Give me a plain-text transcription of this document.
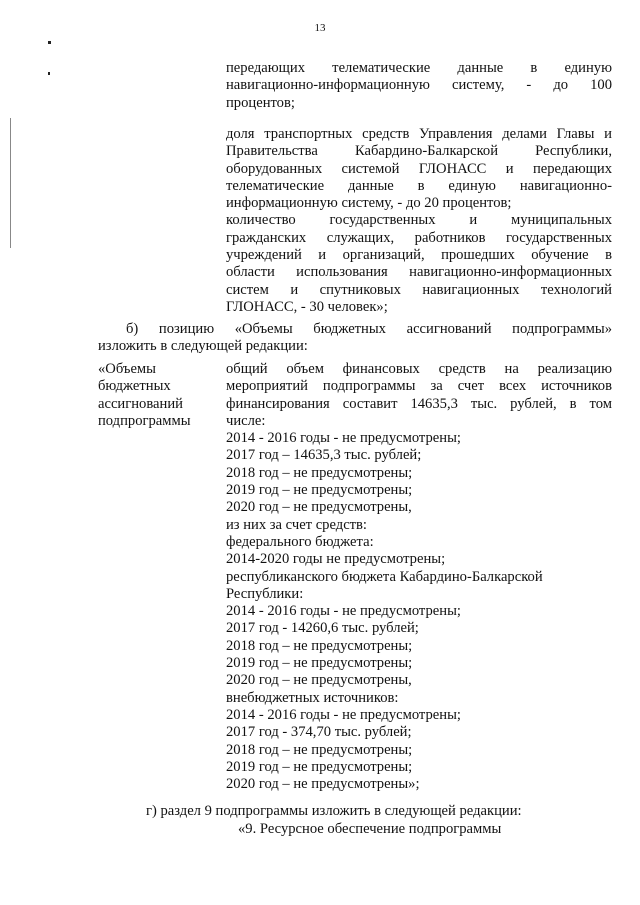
13
передающих телематические данные в единую
навигационно-информационную систему, - до 100
процентов;
доля транспортных средств Управления делами Главы и
Правительства Кабардино-Балкарской Республики,
оборудованных системой ГЛОНАСС и передающих
телематические данные в единую навигационно-
информационную систему, - до 20 процентов;
количество государственных и муниципальных
гражданских служащих, работников государственных
учреждений и организаций, прошедших обучение в
области использования навигационно-информационных
систем и спутниковых навигационных технологий
ГЛОНАСС, - 30 человек»;
б) позицию «Объемы бюджетных ассигнований подпрограммы»
изложить в следующей редакции:
«Объемы
бюджетных
ассигнований
подпрограммы
общий объем финансовых средств на реализацию
мероприятий подпрограммы за счет всех источников
финансирования составит 14635,3 тыс. рублей, в том
числе:
2014 - 2016 годы - не предусмотрены;
2017 год – 14635,3 тыс. рублей;
2018 год – не предусмотрены;
2019 год – не предусмотрены;
2020 год – не предусмотрены,
из них за счет средств:
федерального бюджета:
2014-2020 годы не предусмотрены;
республиканского бюджета Кабардино-Балкарской
Республики:
2014 - 2016 годы - не предусмотрены;
2017 год - 14260,6 тыс. рублей;
2018 год – не предусмотрены;
2019 год – не предусмотрены;
2020 год – не предусмотрены,
внебюджетных источников:
2014 - 2016 годы - не предусмотрены;
2017 год - 374,70 тыс. рублей;
2018 год – не предусмотрены;
2019 год – не предусмотрены;
2020 год – не предусмотрены»;
г) раздел 9 подпрограммы изложить в следующей редакции:
«9. Ресурсное обеспечение подпрограммы
